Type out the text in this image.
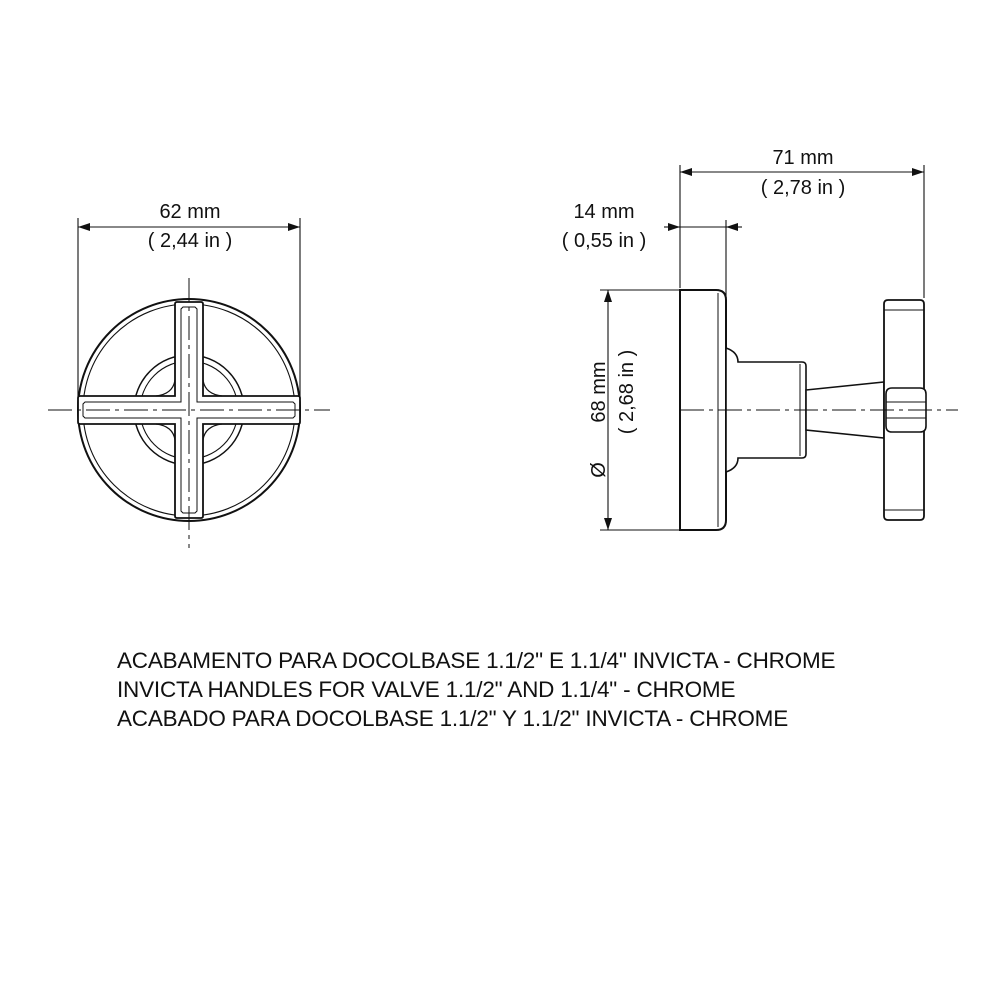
62 mm
( 2,44 in )
71 mm
( 2,78 in )
14 mm
( 0,55 in )
Ø
68 mm ( 2,68 in )
ACABAMENTO PARA DOCOLBASE 1.1/2" E 1.1/4" INVICTA - CHROME
INVICTA HANDLES FOR VALVE 1.1/2" AND 1.1/4" - CHROME
ACABADO PARA DOCOLBASE 1.1/2" Y 1.1/2" INVICTA - CHROME
